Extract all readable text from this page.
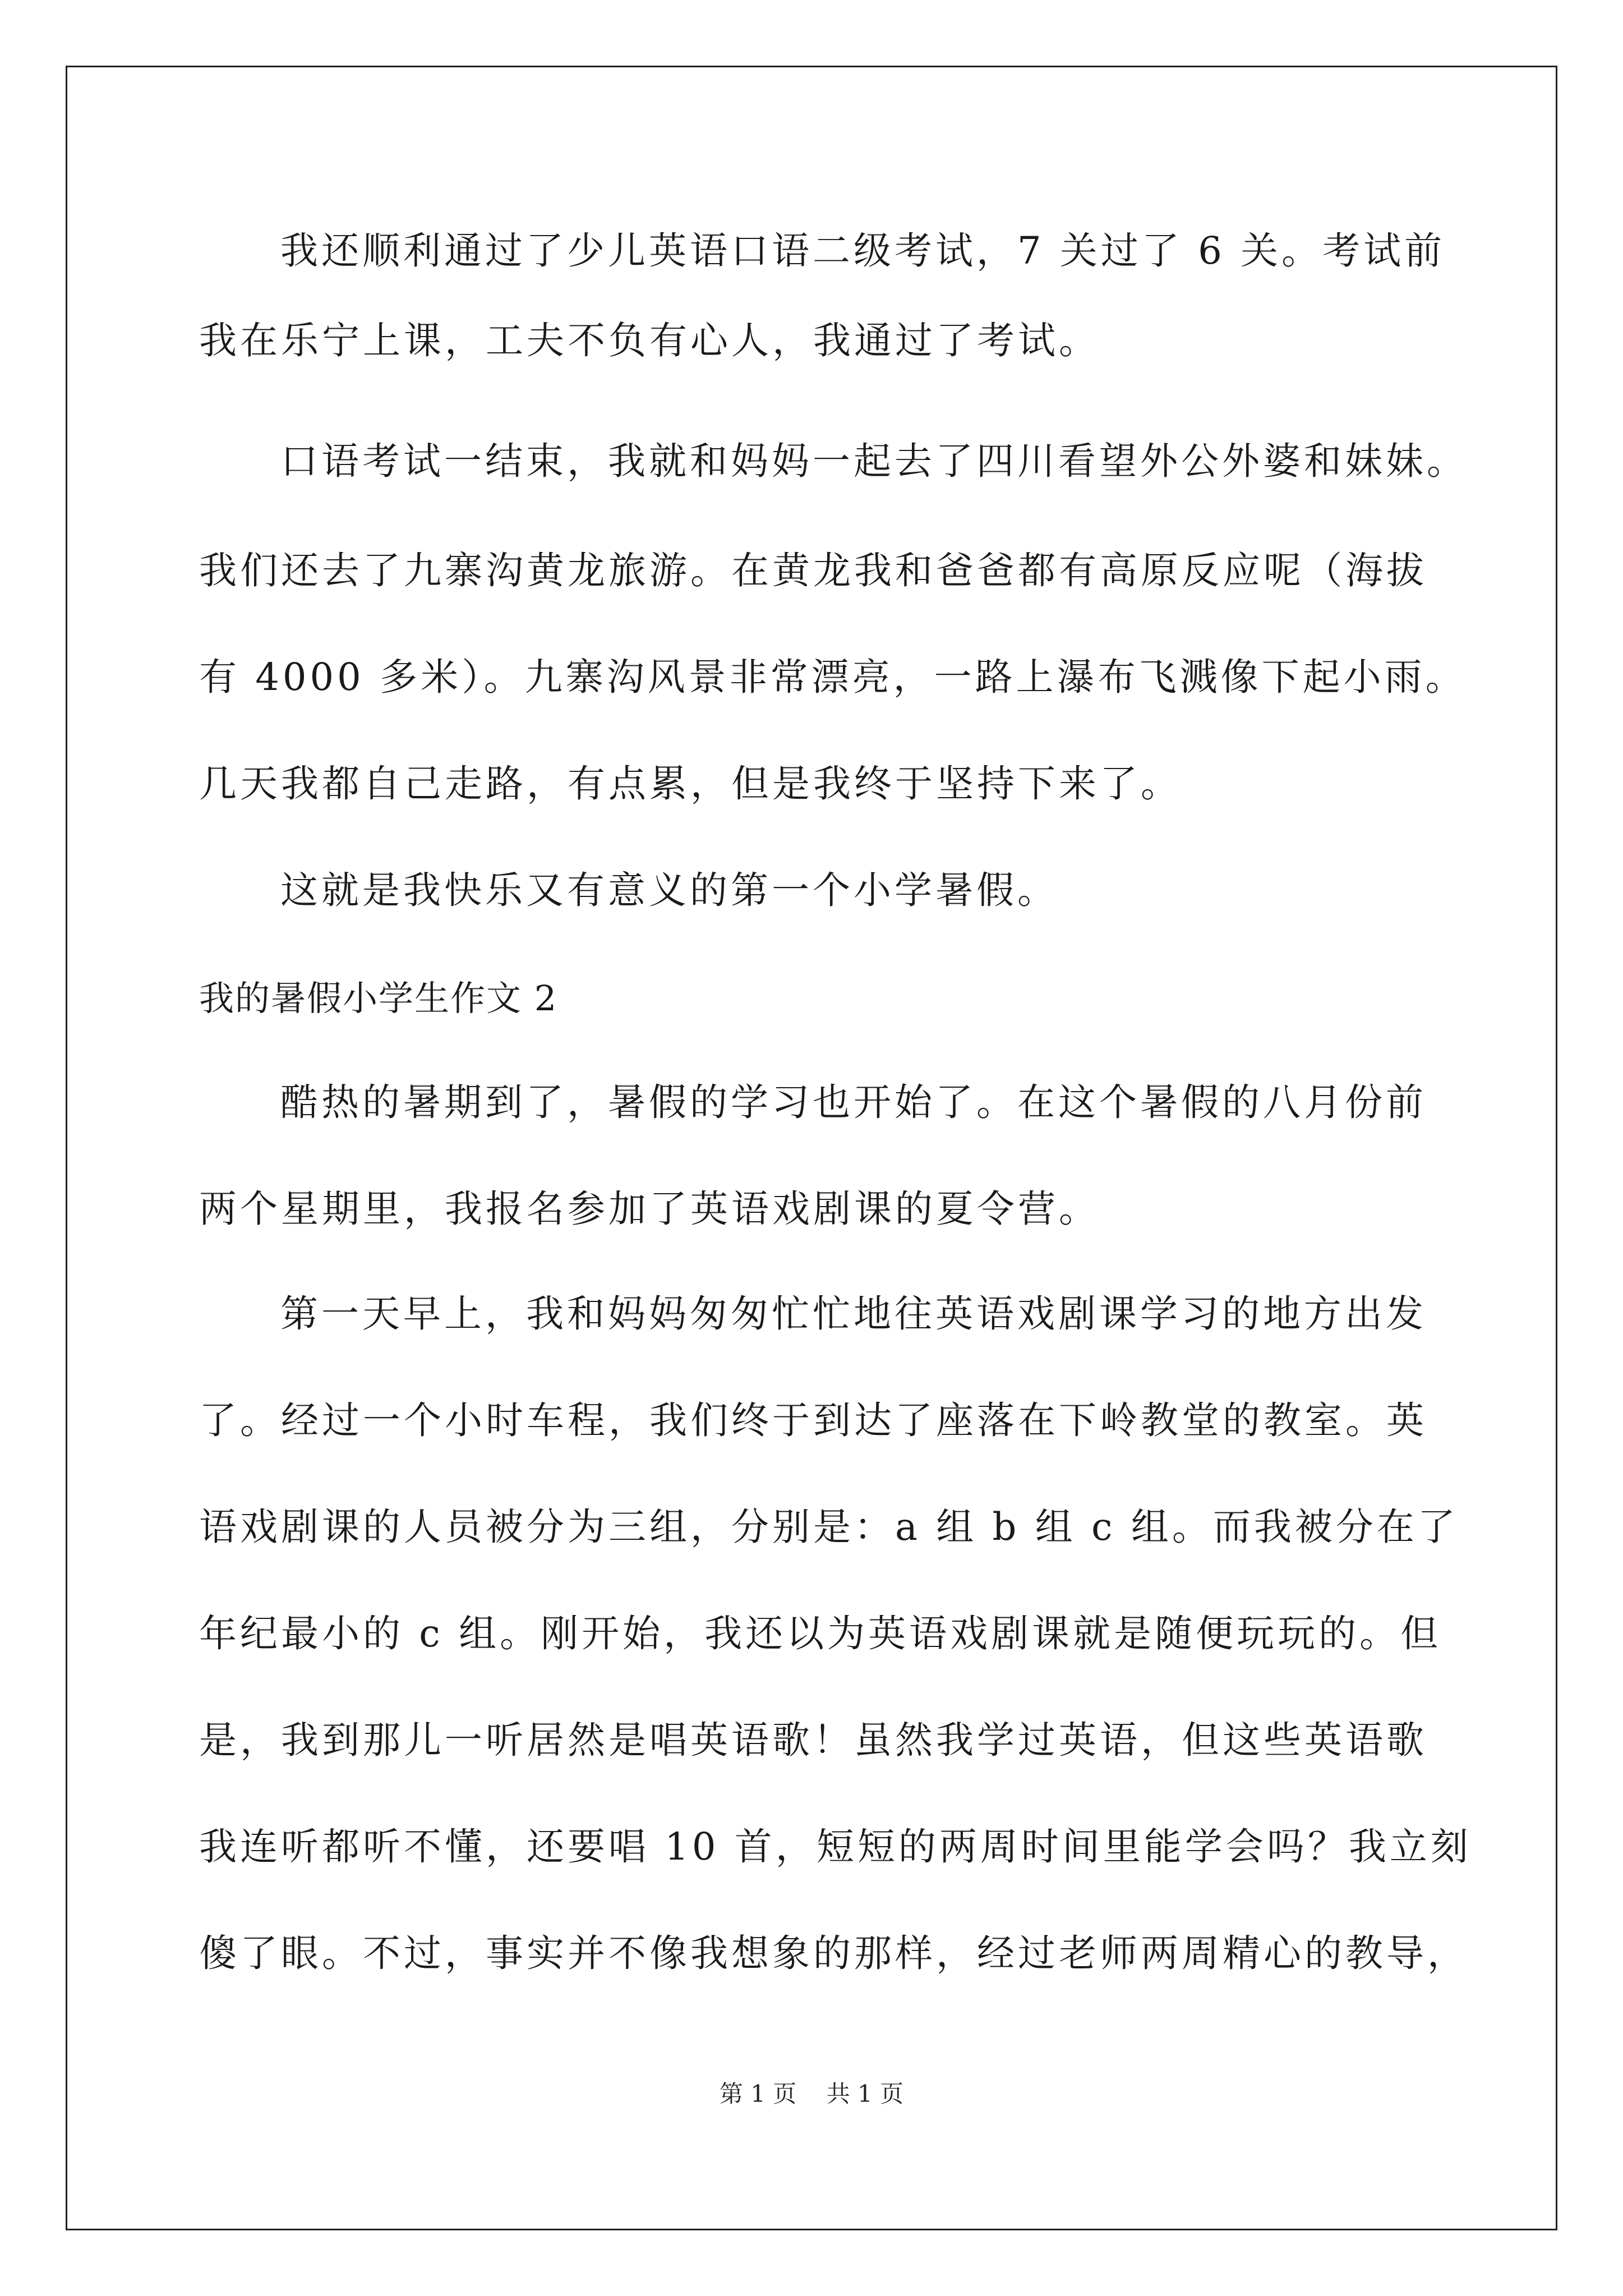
我还顺利通过了少儿英语口语二级考试，7 关过了 6 关。考试前
我在乐宁上课，工夫不负有心人，我通过了考试。
口语考试一结束，我就和妈妈一起去了四川看望外公外婆和妹妹。
我们还去了九寨沟黄龙旅游。在黄龙我和爸爸都有高原反应呢（海拔
有 4000 多米）。九寨沟风景非常漂亮，一路上瀑布飞溅像下起小雨。
几天我都自己走路，有点累，但是我终于坚持下来了。
这就是我快乐又有意义的第一个小学暑假。
我的暑假小学生作文 2
酷热的暑期到了，暑假的学习也开始了。在这个暑假的八月份前
两个星期里，我报名参加了英语戏剧课的夏令营。
第一天早上，我和妈妈匆匆忙忙地往英语戏剧课学习的地方出发
了。经过一个小时车程，我们终于到达了座落在下岭教堂的教室。英
语戏剧课的人员被分为三组，分别是：a 组 b 组 c 组。而我被分在了
年纪最小的 c 组。刚开始，我还以为英语戏剧课就是随便玩玩的。但
是，我到那儿一听居然是唱英语歌！虽然我学过英语，但这些英语歌
我连听都听不懂，还要唱 10 首，短短的两周时间里能学会吗？我立刻
傻了眼。不过，事实并不像我想象的那样，经过老师两周精心的教导，
第 1 页    共 1 页
